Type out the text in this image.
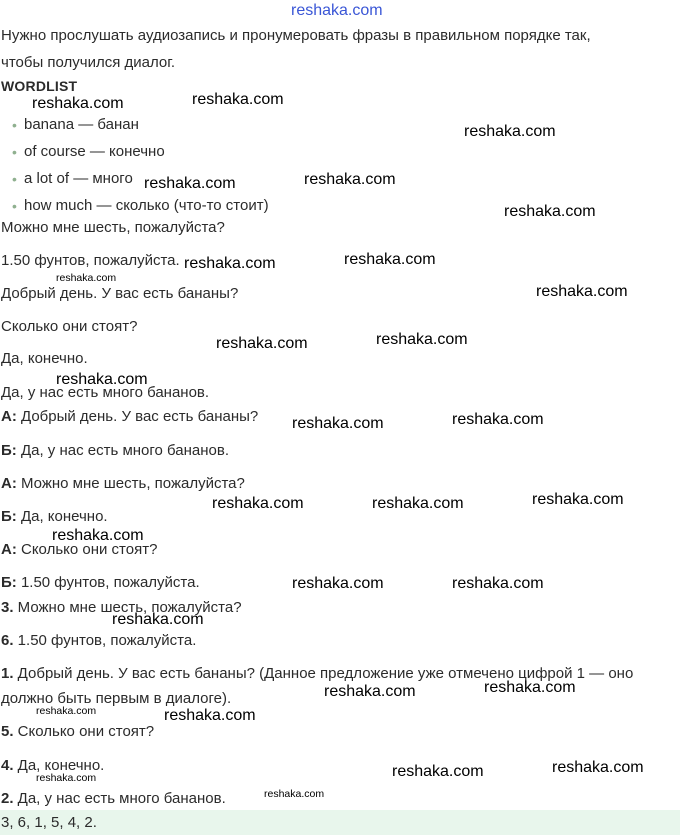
reshaka.com
Нужно прослушать аудиозапись и пронумеровать фразы в правильном порядке так,
чтобы получился диалог.
WORDLIST
• banana — банан
• of course — конечно
• a lot of — много
• how much — сколько (что-то стоит)
Можно мне шесть, пожалуйста?
1.50 фунтов, пожалуйста.
Добрый день. У вас есть бананы?
Сколько они стоят?
Да, конечно.
Да, у нас есть много бананов.
А: Добрый день. У вас есть бананы?
Б: Да, у нас есть много бананов.
А: Можно мне шесть, пожалуйста?
Б: Да, конечно.
А: Сколько они стоят?
Б: 1.50 фунтов, пожалуйста.
3. Можно мне шесть, пожалуйста?
6. 1.50 фунтов, пожалуйста.
1. Добрый день. У вас есть бананы? (Данное предложение уже отмечено цифрой 1 — оно
должно быть первым в диалоге).
5. Сколько они стоят?
4. Да, конечно.
2. Да, у нас есть много бананов.
3, 6, 1, 5, 4, 2.
reshaka.com	reshaka.com
reshaka.com
reshaka.com	reshaka.com
reshaka.com
reshaka.com	reshaka.com
reshaka.com
reshaka.com
reshaka.com	reshaka.com
reshaka.com
reshaka.com	reshaka.com
reshaka.com	reshaka.com	reshaka.com
reshaka.com
reshaka.com	reshaka.com
reshaka.com
reshaka.com	reshaka.com
reshaka.com	reshaka.com
reshaka.com	reshaka.com
reshaka.com
reshaka.com
